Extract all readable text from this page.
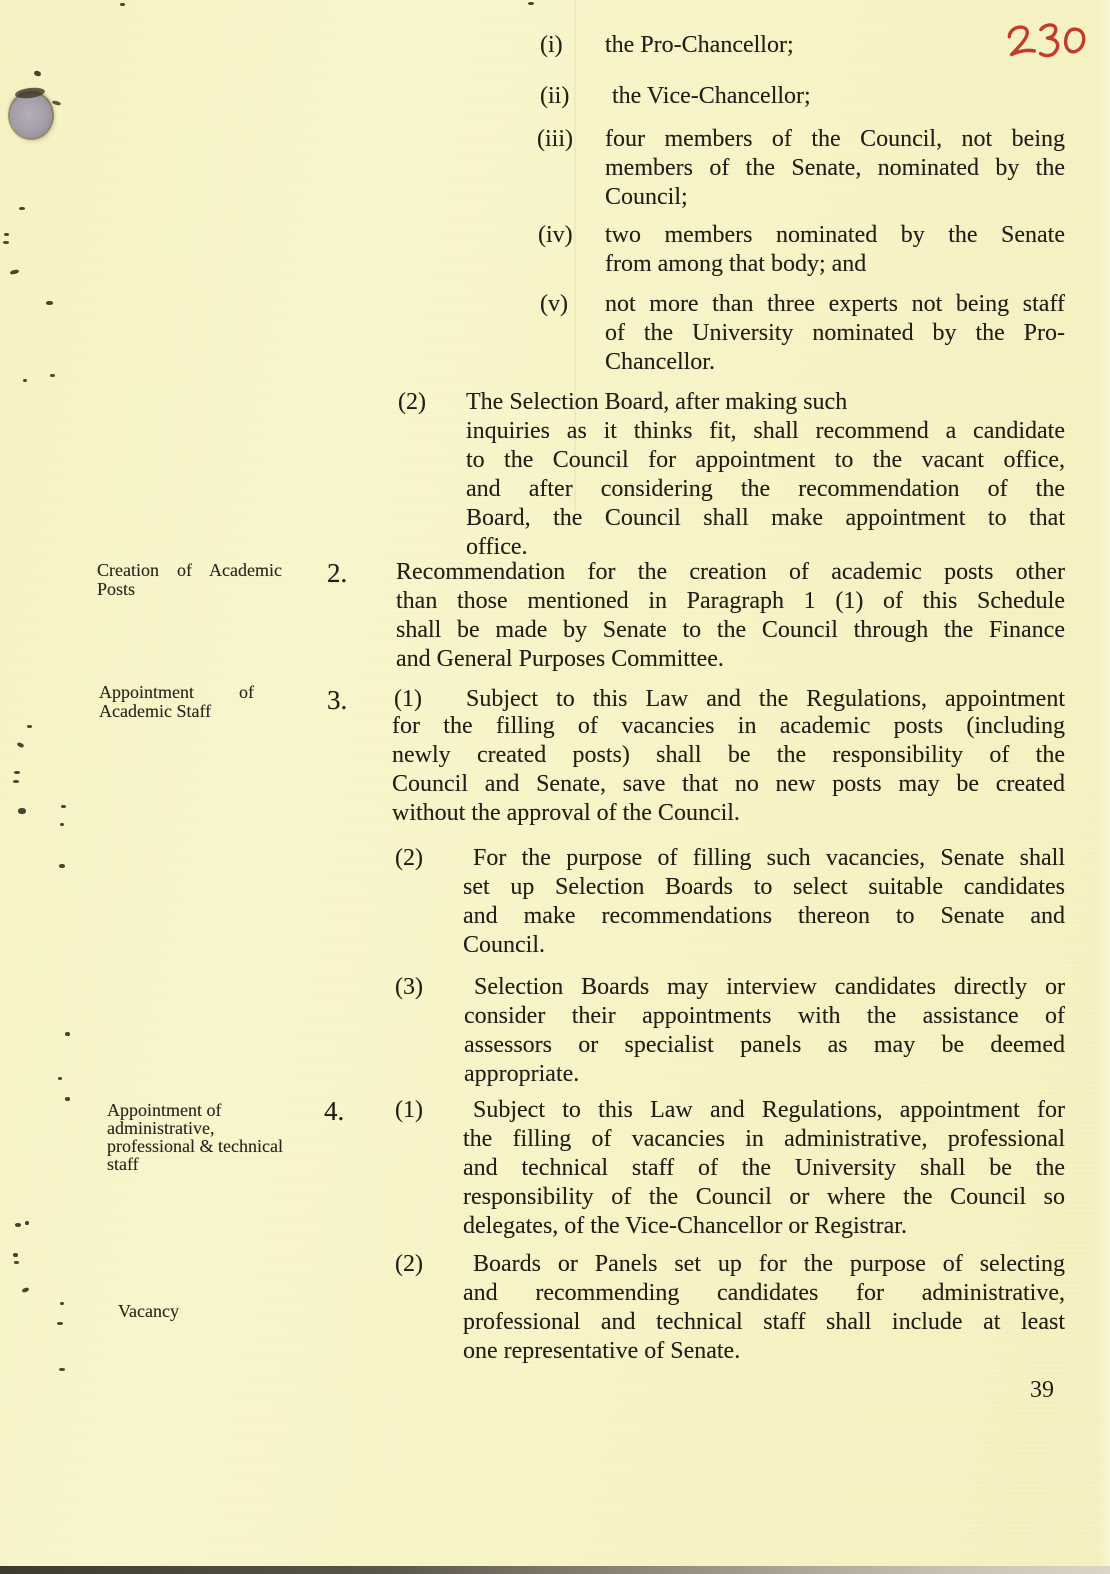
(i) the Pro-Chancellor;
(ii) the Vice-Chancellor;
(iii) four members of the Council, not being
members of the Senate, nominated by the
Council;
(iv) two members nominated by the Senate
from among that body; and
(v) not more than three experts not being staff
of the University nominated by the Pro-
Chancellor.
(2) The Selection Board, after making such
inquiries as it thinks fit, shall recommend a candidate
to the Council for appointment to the vacant office,
and after considering the recommendation of the
Board, the Council shall make appointment to that
office.
Creation of Academic
Posts
2. Recommendation for the creation of academic posts other
than those mentioned in Paragraph 1 (1) of this Schedule
shall be made by Senate to the Council through the Finance
and General Purposes Committee.
Appointment of
Academic Staff	3. (1) Subject to this Law and the Regulations, appointment
for the filling of vacancies in academic posts (including
newly created posts) shall be the responsibility of the
Council and Senate, save that no new posts may be created
without the approval of the Council.
(2)	For the purpose of filling such vacancies, Senate shall
set up Selection Boards to select suitable candidates
and make recommendations thereon to Senate and
Council.
(3)	Selection Boards may interview candidates directly or
consider their appointments with the assistance of
assessors or specialist panels as may be deemed
appropriate.
Appointment of
administrative,
professional & technical
staff
4. (1)	Subject to this Law and Regulations, appointment for
the filling of vacancies in administrative, professional
and technical staff of the University shall be the
responsibility of the Council or where the Council so
delegates, of the Vice-Chancellor or Registrar.
Vacancy
(2)	Boards or Panels set up for the purpose of selecting
and recommending candidates for administrative,
professional and technical staff shall include at least
one representative of Senate.
39
